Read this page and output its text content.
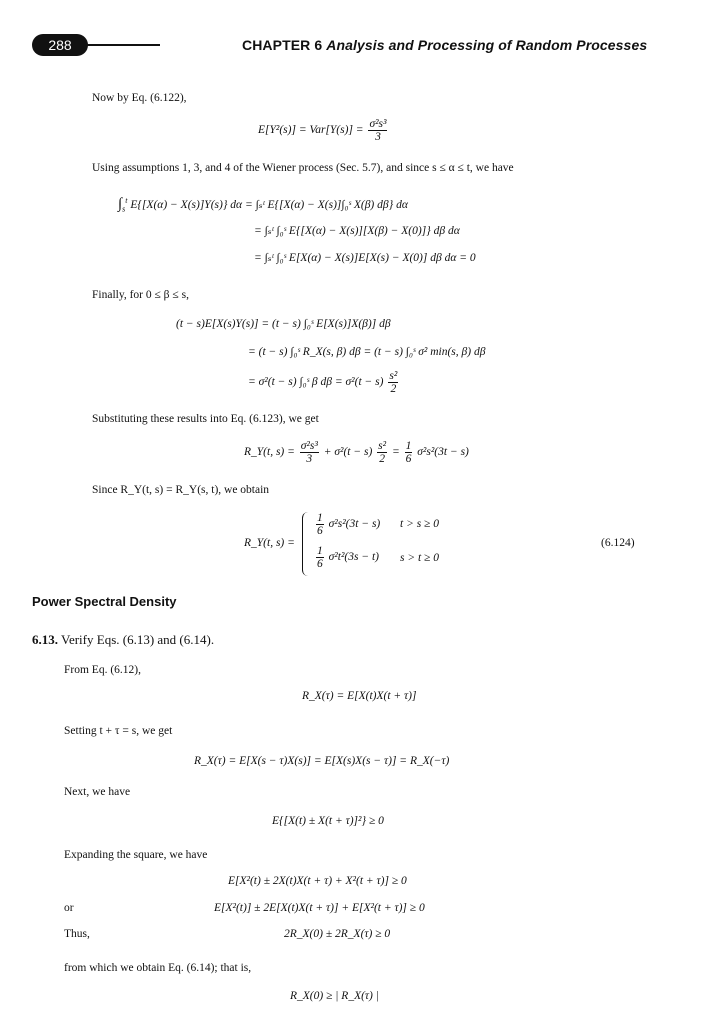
288	CHAPTER 6 Analysis and Processing of Random Processes
Now by Eq. (6.122),
$E[Y^2(s)] = Var[Y(s)] = \frac{\text{σ²s³}}{3}$
Using assumptions 1, 3, and 4 of the Wiener process (Sec. 5.7), and since s ≤ α ≤ t, we have
$\int_s^t$ E{[X(α) − X(s)]Y(s)} dα = ∫ₛᵗ E{[X(α) − X(s)]∫₀ˢ X(β) dβ} dα
= ∫ₛᵗ ∫₀ˢ E{[X(α) − X(s)][X(β) − X(0)]} dβ dα
= ∫ₛᵗ ∫₀ˢ E[X(α) − X(s)]E[X(s) − X(0)] dβ dα = 0
Finally, for 0 ≤ β ≤ s,
(t − s)E[X(s)Y(s)] = (t − s) ∫₀ˢ E[X(s)]X(β)] dβ
= (t − s) ∫₀ˢ R_X(s, β) dβ = (t − s) ∫₀ˢ σ² min(s, β) dβ
= σ²(t − s) ∫₀ˢ β $d\beta = \sigma^2(t - s) \frac{\text{s²}}{2}$
Substituting these results into Eq. (6.123), we get
R_Y(t, $s) = \frac{\text{σ²s³}}{3} + \sigma^2(t - s) \frac{\text{s²}}{2} = \frac{1}{6} \sigma^2s^2(3t - s)$
Since R_Y(t, s) = R_Y(s, t), we obtain
R_Y(t, s) =
$\frac{1}{6} \sigma^2s^2(3t - s) t > s \ge 0$
$\frac{1}{6} \sigma^2t^2(3s - t) s > t \ge 0$
(6.124)
Power Spectral Density
6.13. Verify Eqs. (6.13) and (6.14).
From Eq. (6.12),
R_X(τ) = E[X(t)X(t + τ)]
Setting t + τ = s, we get
R_X(τ) = E[X(s − τ)X(s)] = E[X(s)X(s − τ)] = R_X(−τ)
Next, we have
E{[X(t) ± X(t + τ)]²} ≥ 0
Expanding the square, we have
E[X²(t) ± 2X(t)X(t + τ) + X²(t + τ)] ≥ 0
or	E[X²(t)] ± 2E[X(t)X(t + τ)] + E[X²(t + τ)] ≥ 0
Thus,	2R_X(0) ± 2R_X(τ) ≥ 0
from which we obtain Eq. (6.14); that is,
R_X(0) ≥ | R_X(τ) |
